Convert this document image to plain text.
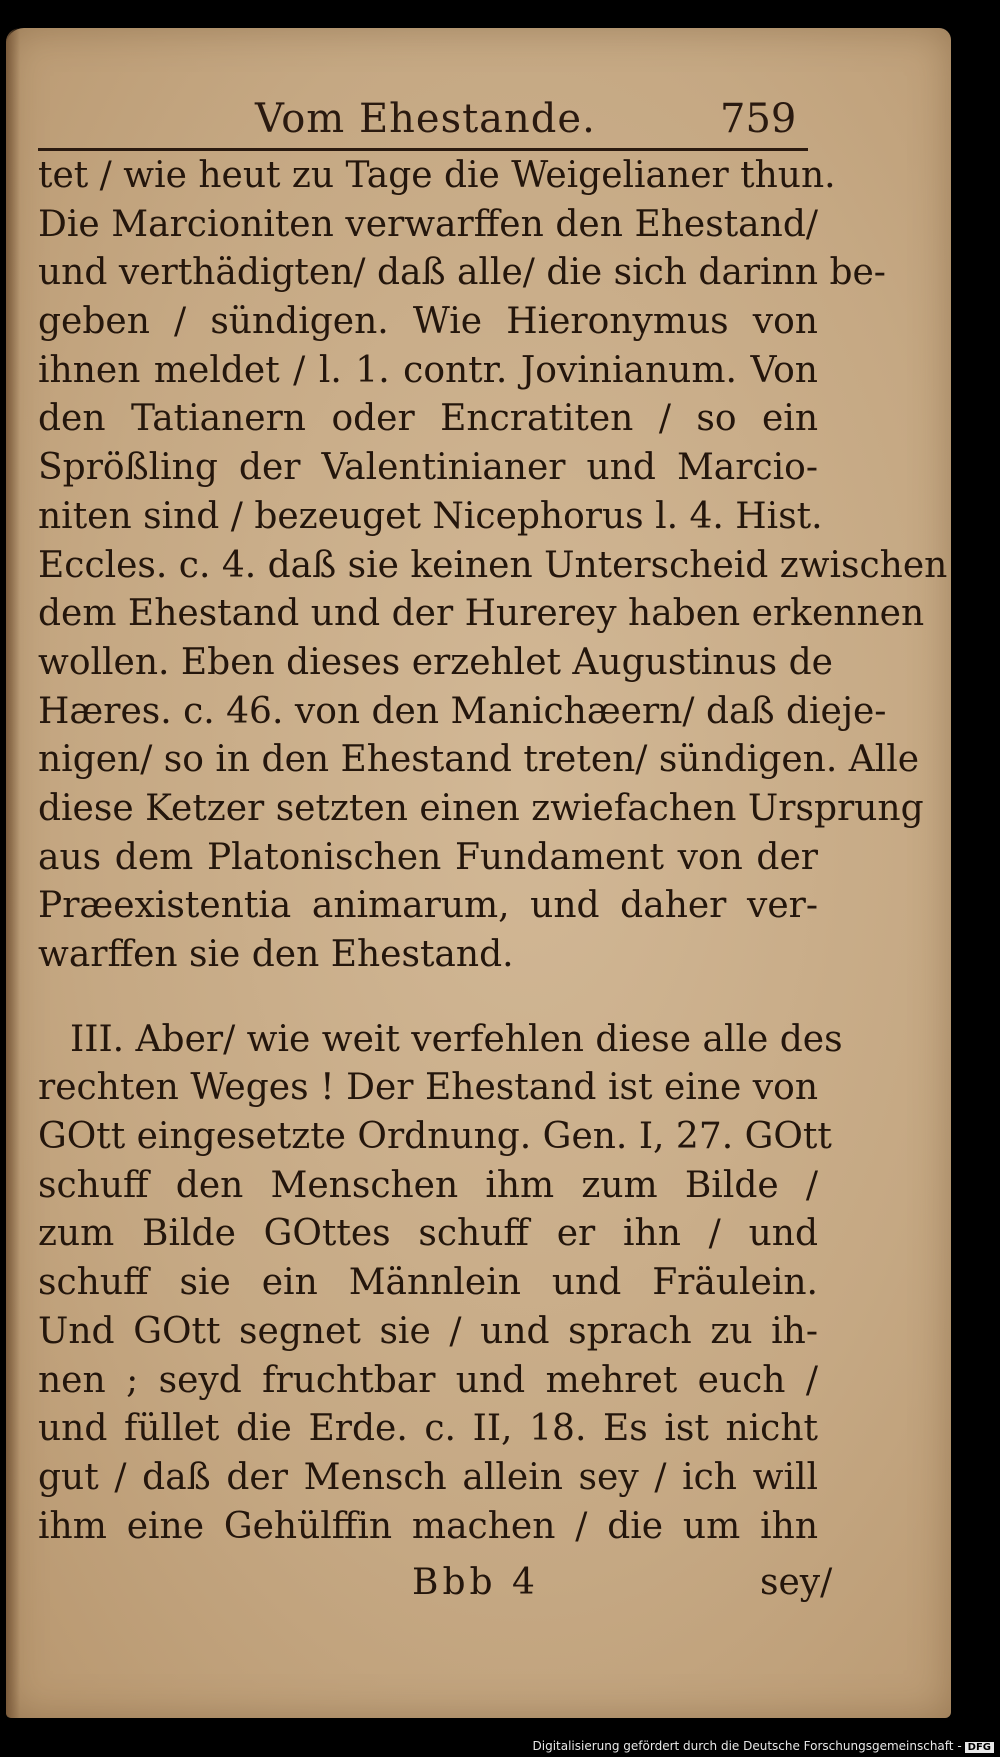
Vom Ehestande.	759
tet / wie heut zu Tage die Weigelianer thun.
Die Marcioniten verwarffen den Ehestand/
und verthädigten/ daß alle/ die sich darinn be-
geben / sündigen. Wie Hieronymus von
ihnen meldet / l. 1. contr. Jovinianum. Von
den Tatianern oder Encratiten / so ein
Sprößling der Valentinianer und Marcio-
niten sind / bezeuget Nicephorus l. 4. Hist.
Eccles. c. 4. daß sie keinen Unterscheid zwischen
dem Ehestand und der Hurerey haben erkennen
wollen. Eben dieses erzehlet Augustinus de
Hæres. c. 46. von den Manichæern/ daß dieje-
nigen/ so in den Ehestand treten/ sündigen. Alle
diese Ketzer setzten einen zwiefachen Ursprung
aus dem Platonischen Fundament von der
Præexistentia animarum, und daher ver-
warffen sie den Ehestand.
III. Aber/ wie weit verfehlen diese alle des
rechten Weges ! Der Ehestand ist eine von
GOtt eingesetzte Ordnung. Gen. I, 27. GOtt
schuff den Menschen ihm zum Bilde /
zum Bilde GOttes schuff er ihn / und
schuff sie ein Männlein und Fräulein.
Und GOtt segnet sie / und sprach zu ih-
nen ; seyd fruchtbar und mehret euch /
und füllet die Erde. c. II, 18. Es ist nicht
gut / daß der Mensch allein sey / ich will
ihm eine Gehülffin machen / die um ihn
Bbb 4	sey/
Digitalisierung gefördert durch die Deutsche Forschungsgemeinschaft - DFG
